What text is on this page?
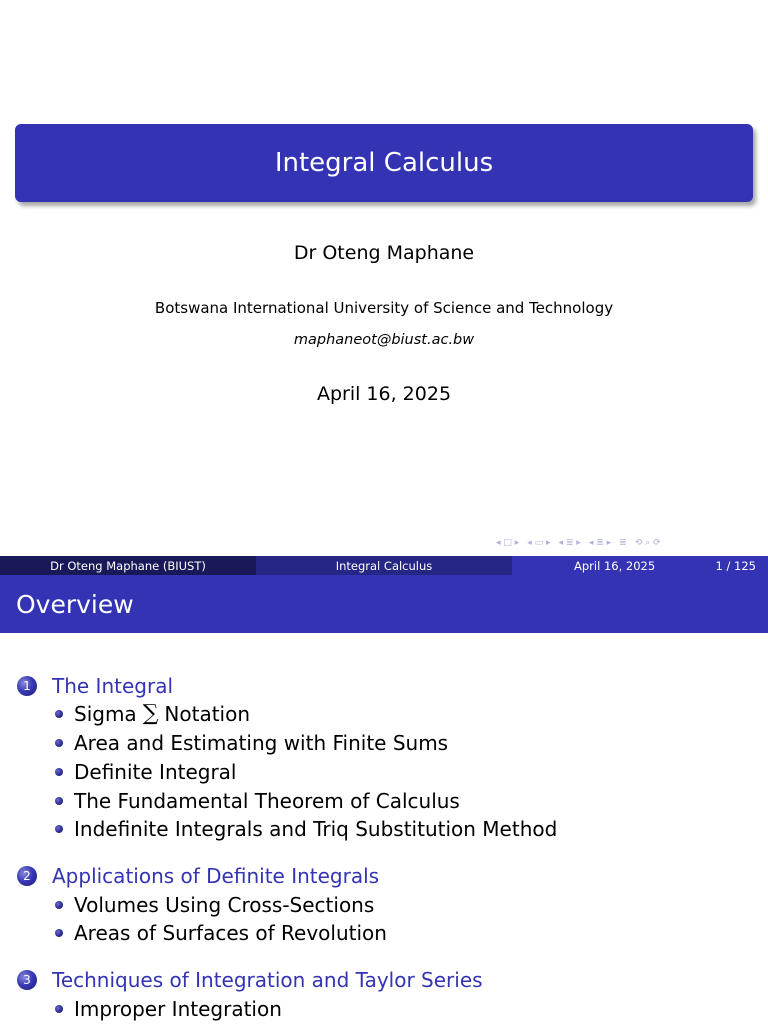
Integral Calculus
Dr Oteng Maphane
Botswana International University of Science and Technology
maphaneot@biust.ac.bw
April 16, 2025
◂ □ ▸ ◂ ▭ ▸ ◂ ≣ ▸ ◂ ≣ ▸ ≣ ⟲ ⌕ ⟳
Dr Oteng Maphane (BIUST)	Integral Calculus	April 16, 2025	1 / 125
Overview
1	The Integral
Sigma ∑ Notation
Area and Estimating with Finite Sums
Definite Integral
The Fundamental Theorem of Calculus
Indefinite Integrals and Triq Substitution Method
2	Applications of Definite Integrals
Volumes Using Cross-Sections
Areas of Surfaces of Revolution
3	Techniques of Integration and Taylor Series
Improper Integration
